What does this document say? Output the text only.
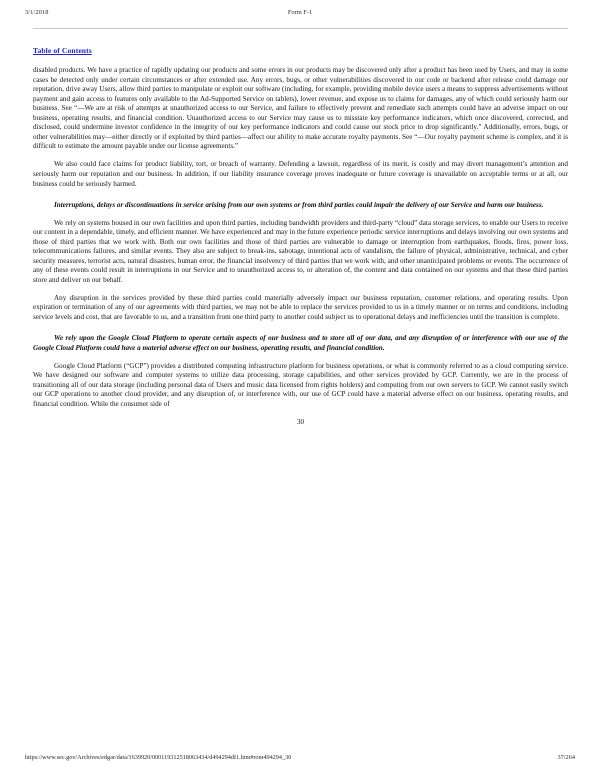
3/1/2018	Form F-1
Table of Contents

disabled products. We have a practice of rapidly updating our products and some errors in our products may be discovered only after a product has been used by Users, and may in some cases be detected only under certain circumstances or after extended use. Any errors, bugs, or other vulnerabilities discovered in our code or backend after release could damage our reputation, drive away Users, allow third parties to manipulate or exploit our software (including, for example, providing mobile device users a means to suppress advertisements without payment and gain access to features only available to the Ad-Supported Service on tablets), lower revenue, and expose us to claims for damages, any of which could seriously harm our business. See “—We are at risk of attempts at unauthorized access to our Service, and failure to effectively prevent and remediate such attempts could have an adverse impact on our business, operating results, and financial condition. Unauthorized access to our Service may cause us to misstate key performance indicators, which once discovered, corrected, and disclosed, could undermine investor confidence in the integrity of our key performance indicators and could cause our stock price to drop significantly.” Additionally, errors, bugs, or other vulnerabilities may—either directly or if exploited by third parties—affect our ability to make accurate royalty payments. See “—Our royalty payment scheme is complex, and it is difficult to estimate the amount payable under our license agreements.”

We also could face claims for product liability, tort, or breach of warranty. Defending a lawsuit, regardless of its merit, is costly and may divert management’s attention and seriously harm our reputation and our business. In addition, if our liability insurance coverage proves inadequate or future coverage is unavailable on acceptable terms or at all, our business could be seriously harmed.

Interruptions, delays or discontinuations in service arising from our own systems or from third parties could impair the delivery of our Service and harm our business.

We rely on systems housed in our own facilities and upon third parties, including bandwidth providers and third-party “cloud” data storage services, to enable our Users to receive our content in a dependable, timely, and efficient manner. We have experienced and may in the future experience periodic service interruptions and delays involving our own systems and those of third parties that we work with. Both our own facilities and those of third parties are vulnerable to damage or interruption from earthquakes, floods, fires, power loss, telecommunications failures, and similar events. They also are subject to break-ins, sabotage, intentional acts of vandalism, the failure of physical, administrative, technical, and cyber security measures, terrorist acts, natural disasters, human error, the financial insolvency of third parties that we work with, and other unanticipated problems or events. The occurrence of any of these events could result in interruptions in our Service and to unauthorized access to, or alteration of, the content and data contained on our systems and that these third parties store and deliver on our behalf.

Any disruption in the services provided by these third parties could materially adversely impact our business reputation, customer relations, and operating results. Upon expiration or termination of any of our agreements with third parties, we may not be able to replace the services provided to us in a timely manner or on terms and conditions, including service levels and cost, that are favorable to us, and a transition from one third party to another could subject us to operational delays and inefficiencies until the transition is complete.

We rely upon the Google Cloud Platform to operate certain aspects of our business and to store all of our data, and any disruption of or interference with our use of the Google Cloud Platform could have a material adverse effect on our business, operating results, and financial condition.

Google Cloud Platform (“GCP”) provides a distributed computing infrastructure platform for business operations, or what is commonly referred to as a cloud computing service. We have designed our software and computer systems to utilize data processing, storage capabilities, and other services provided by GCP. Currently, we are in the process of transitioning all of our data storage (including personal data of Users and music data licensed from rights holders) and computing from our own servers to GCP. We cannot easily switch our GCP operations to another cloud provider, and any disruption of, or interference with, our use of GCP could have a material adverse effect on our business, operating results, and financial condition. While the consumer side of

30
https://www.sec.gov/Archives/edgar/data/1639920/000119312518063434/d494294df1.htm#rom494294_30	37/264
